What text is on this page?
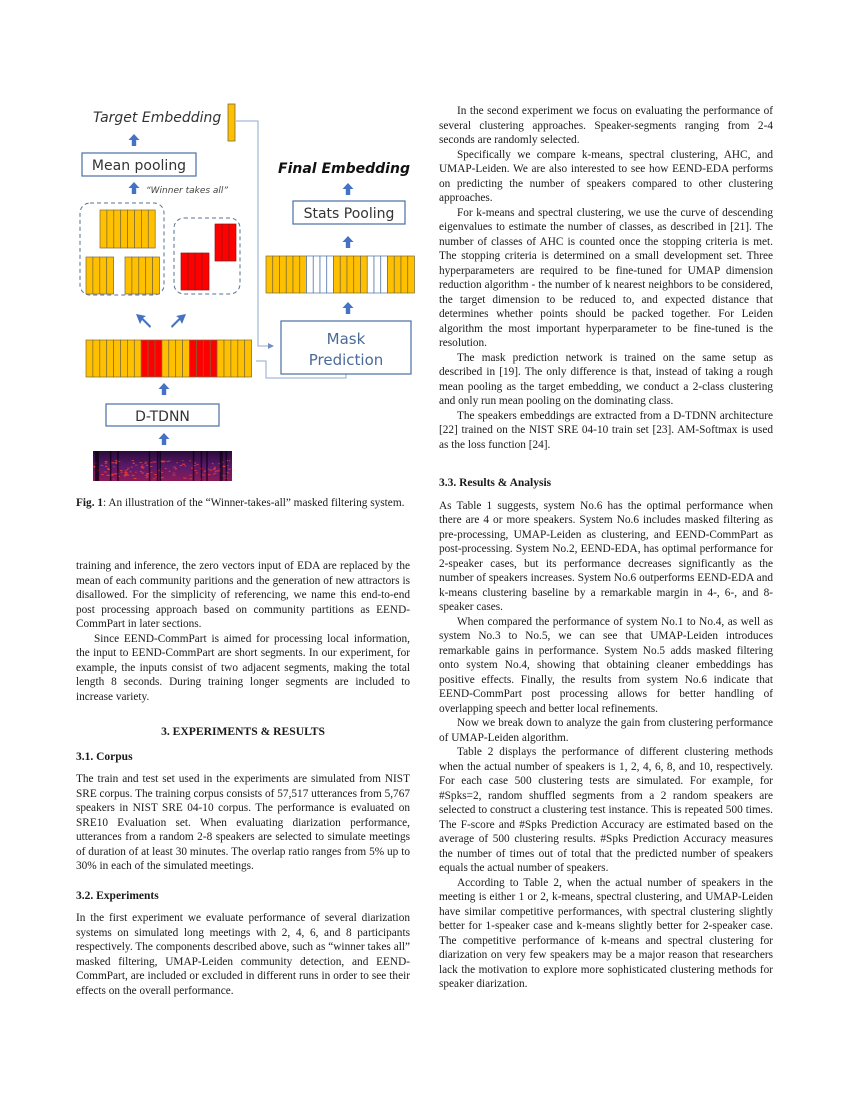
Target Embedding
Mean pooling
“Winner takes all”
D-TDNN
Final Embedding
Stats Pooling
Mask
Prediction
Fig. 1: An illustration of the “Winner-takes-all” masked filtering system.

training and inference, the zero vectors input of EDA are replaced by the mean of each community paritions and the generation of new attractors is disallowed. For the simplicity of referencing, we name this end-to-end post processing approach based on community partitions as EEND-CommPart in later sections.

Since EEND-CommPart is aimed for processing local information, the input to EEND-CommPart are short segments. In our experiment, for example, the inputs consist of two adjacent segments, making the total length 8 seconds. During training longer segments are included to increase variety.

3. EXPERIMENTS & RESULTS

3.1. Corpus

The train and test set used in the experiments are simulated from NIST SRE corpus. The training corpus consists of 57,517 utterances from 5,767 speakers in NIST SRE 04-10 corpus. The performance is evaluated on SRE10 Evaluation set. When evaluating diarization performance, utterances from a random 2-8 speakers are selected to simulate meetings of duration of at least 30 minutes. The overlap ratio ranges from 5% up to 30% in each of the simulated meetings.

3.2. Experiments

In the first experiment we evaluate performance of several diarization systems on simulated long meetings with 2, 4, 6, and 8 participants respectively. The components described above, such as “winner takes all” masked filtering, UMAP-Leiden community detection, and EEND-CommPart, are included or excluded in different runs in order to see their effects on the overall performance.

In the second experiment we focus on evaluating the performance of several clustering approaches. Speaker-segments ranging from 2-4 seconds are randomly selected.

Specifically we compare k-means, spectral clustering, AHC, and UMAP-Leiden. We are also interested to see how EEND-EDA performs on predicting the number of speakers compared to other clustering approaches.

For k-means and spectral clustering, we use the curve of descending eigenvalues to estimate the number of classes, as described in [21]. The number of classes of AHC is counted once the stopping criteria is met. The stopping criteria is determined on a small development set. Three hyperparameters are required to be fine-tuned for UMAP dimension reduction algorithm - the number of k nearest neighbors to be considered, the target dimension to be reduced to, and expected distance that determines whether points should be packed together. For Leiden algorithm the most important hyperparameter to be fine-tuned is the resolution.

The mask prediction network is trained on the same setup as described in [19]. The only difference is that, instead of taking a rough mean pooling as the target embedding, we conduct a 2-class clustering and only run mean pooling on the dominating class.

The speakers embeddings are extracted from a D-TDNN architecture [22] trained on the NIST SRE 04-10 train set [23]. AM-Softmax is used as the loss function [24].

3.3. Results & Analysis

As Table 1 suggests, system No.6 has the optimal performance when there are 4 or more speakers. System No.6 includes masked filtering as pre-processing, UMAP-Leiden as clustering, and EEND-CommPart as post-processing. System No.2, EEND-EDA, has optimal performance for 2-speaker cases, but its performance decreases significantly as the number of speakers increases. System No.6 outperforms EEND-EDA and k-means clustering baseline by a remarkable margin in 4-, 6-, and 8-speaker cases.

When compared the performance of system No.1 to No.4, as well as system No.3 to No.5, we can see that UMAP-Leiden introduces remarkable gains in performance. System No.5 adds masked filtering onto system No.4, showing that obtaining cleaner embeddings has positive effects. Finally, the results from system No.6 indicate that EEND-CommPart post processing allows for better handling of overlapping speech and better local refinements.

Now we break down to analyze the gain from clustering performance of UMAP-Leiden algorithm.

Table 2 displays the performance of different clustering methods when the actual number of speakers is 1, 2, 4, 6, 8, and 10, respectively. For each case 500 clustering tests are simulated. For example, for #Spks=2, random shuffled segments from a 2 random speakers are selected to construct a clustering test instance. This is repeated 500 times. The F-score and #Spks Prediction Accuracy are estimated based on the average of 500 clustering results. #Spks Prediction Accuracy measures the number of times out of total that the predicted number of speakers equals the actual number of speakers.

According to Table 2, when the actual number of speakers in the meeting is either 1 or 2, k-means, spectral clustering, and UMAP-Leiden have similar competitive performances, with spectral clustering slightly better for 1-speaker case and k-means slightly better for 2-speaker case. The competitive performance of k-means and spectral clustering for diarization on very few speakers may be a major reason that researchers lack the motivation to explore more sophisticated clustering methods for speaker diarization.
